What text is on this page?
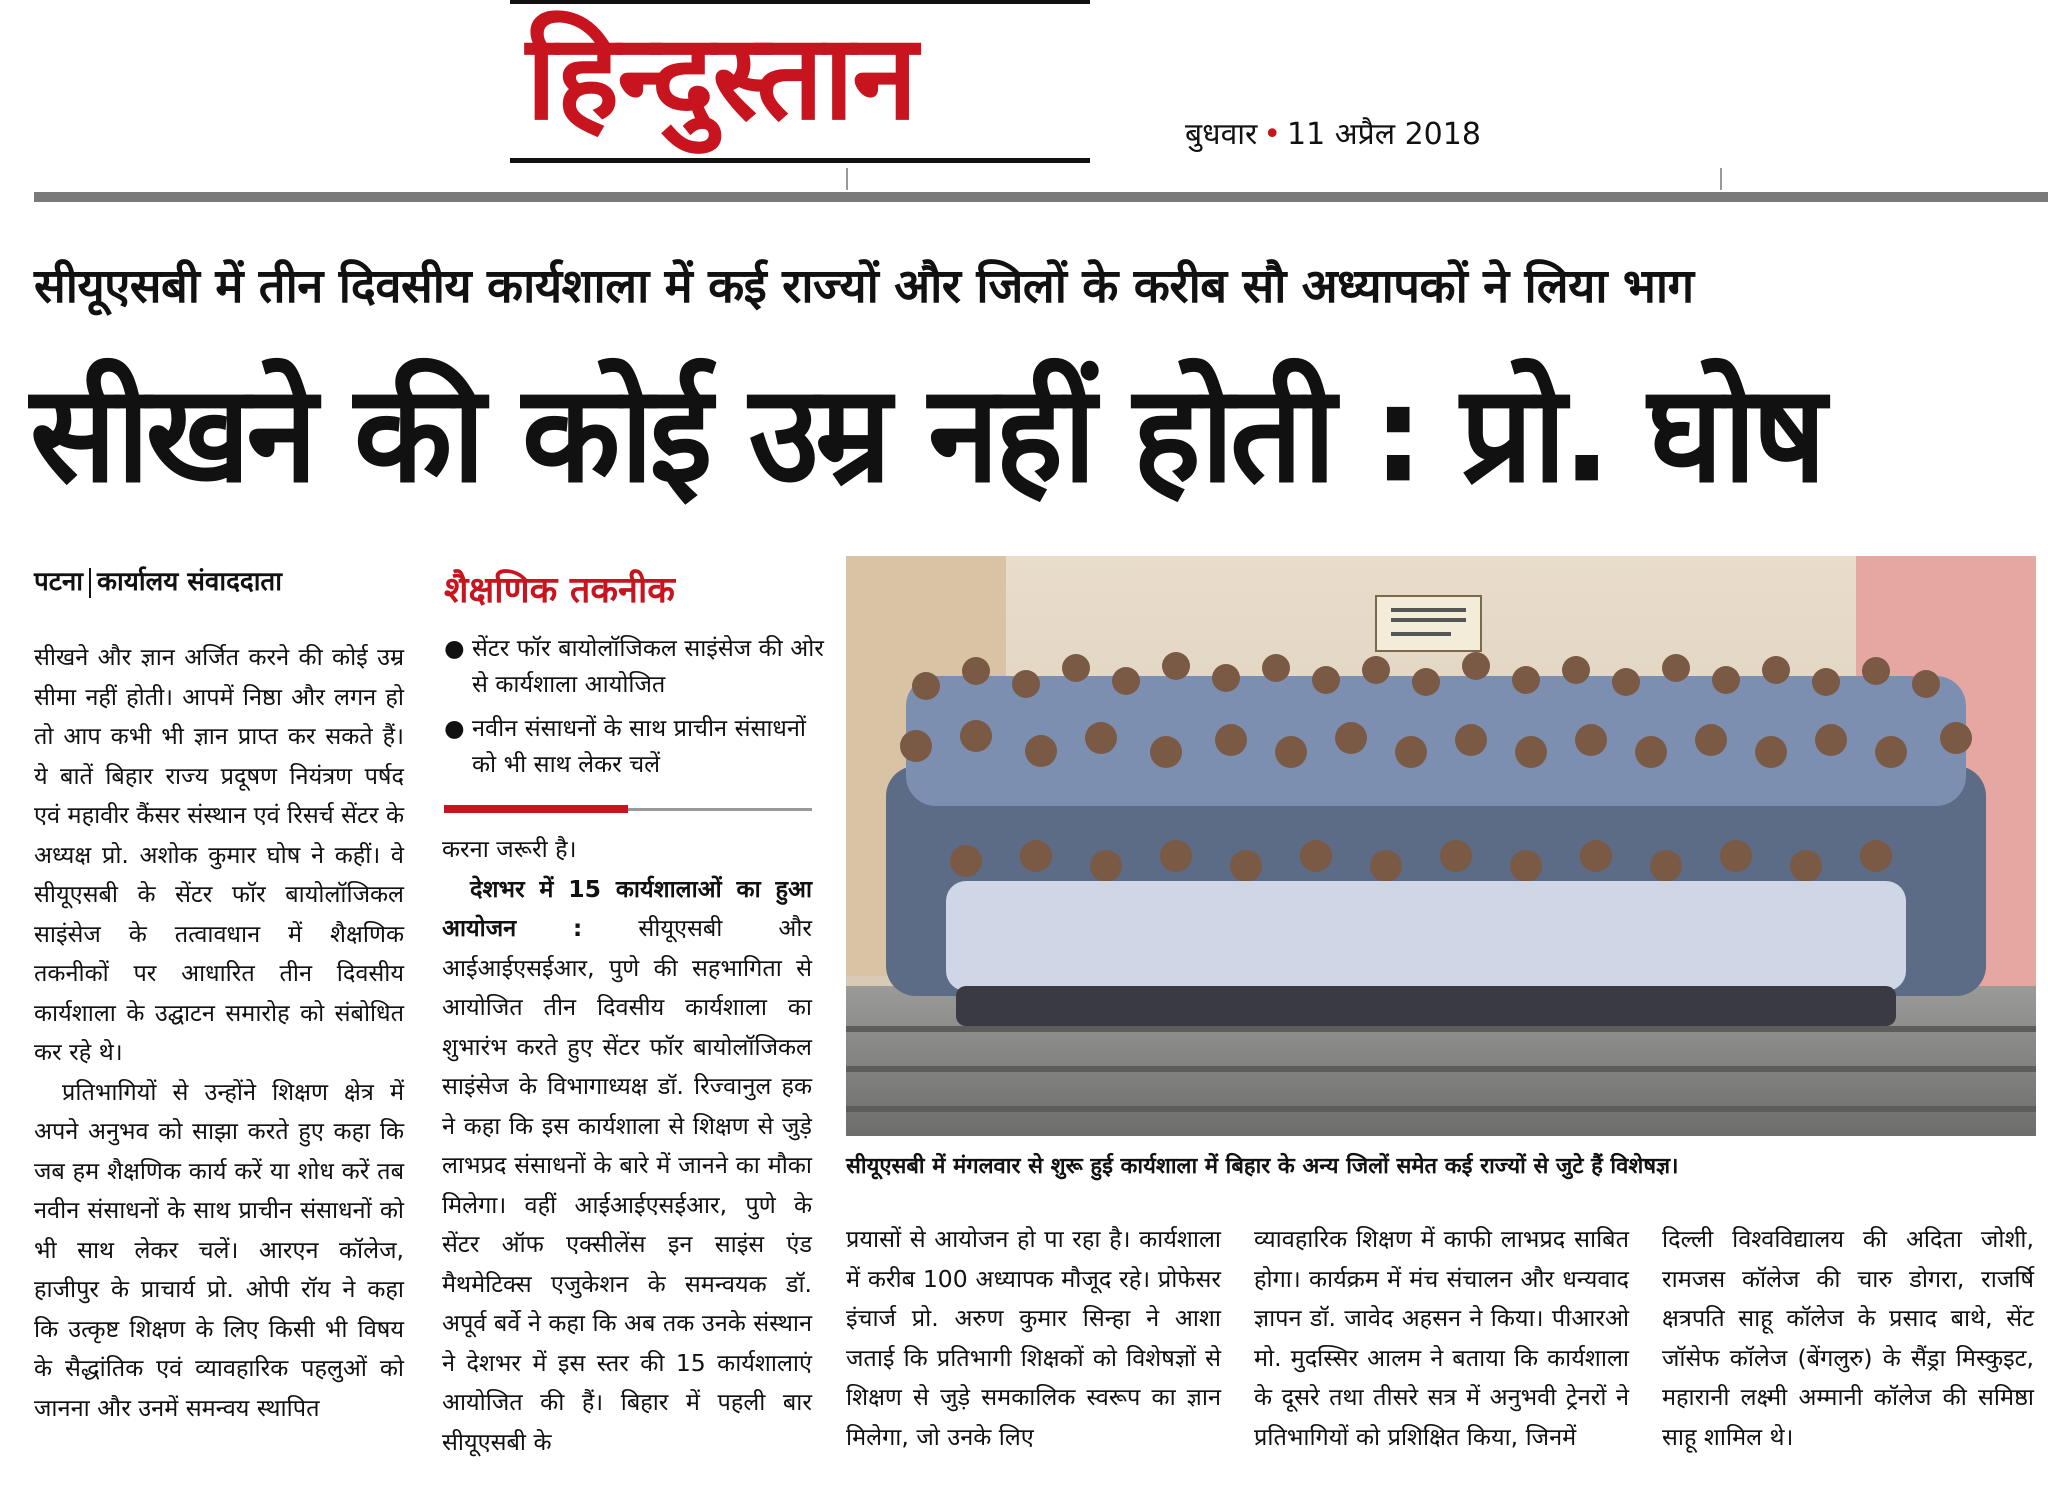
हिन्दुस्तान	बुधवार • 11 अप्रैल 2018
सीयूएसबी में तीन दिवसीय कार्यशाला में कई राज्यों और जिलों के करीब सौ अध्यापकों ने लिया भाग
सीखने की कोई उम्र नहीं होती : प्रो. घोष
पटना कार्यालय संवाददाता

सीखने और ज्ञान अर्जित करने की कोई उम्र सीमा नहीं होती। आपमें निष्ठा और लगन हो तो आप कभी भी ज्ञान प्राप्त कर सकते हैं। ये बातें बिहार राज्य प्रदूषण नियंत्रण पर्षद एवं महावीर कैंसर संस्थान एवं रिसर्च सेंटर के अध्यक्ष प्रो. अशोक कुमार घोष ने कहीं। वे सीयूएसबी के सेंटर फॉर बायोलॉजिकल साइंसेज के तत्वावधान में शैक्षणिक तकनीकों पर आधारित तीन दिवसीय कार्यशाला के उद्घाटन समारोह को संबोधित कर रहे थे।

प्रतिभागियों से उन्होंने शिक्षण क्षेत्र में अपने अनुभव को साझा करते हुए कहा कि जब हम शैक्षणिक कार्य करें या शोध करें तब नवीन संसाधनों के साथ प्राचीन संसाधनों को भी साथ लेकर चलें। आरएन कॉलेज, हाजीपुर के प्राचार्य प्रो. ओपी रॉय ने कहा कि उत्कृष्ट शिक्षण के लिए किसी भी विषय के सैद्धांतिक एवं व्यावहारिक पहलुओं को जानना और उनमें समन्वय स्थापित

शैक्षणिक तकनीक
● सेंटर फॉर बायोलॉजिकल साइंसेज की ओर से कार्यशाला आयोजित
● नवीन संसाधनों के साथ प्राचीन संसाधनों को भी साथ लेकर चलें

करना जरूरी है।

देशभर में 15 कार्यशालाओं का हुआ आयोजन : सीयूएसबी और आईआईएसईआर, पुणे की सहभागिता से आयोजित तीन दिवसीय कार्यशाला का शुभारंभ करते हुए सेंटर फॉर बायोलॉजिकल साइंसेज के विभागाध्यक्ष डॉ. रिज्वानुल हक ने कहा कि इस कार्यशाला से शिक्षण से जुड़े लाभप्रद संसाधनों के बारे में जानने का मौका मिलेगा। वहीं आईआईएसईआर, पुणे के सेंटर ऑफ एक्सीलेंस इन साइंस एंड मैथमेटिक्स एजुकेशन के समन्वयक डॉ. अपूर्व बर्वे ने कहा कि अब तक उनके संस्थान ने देशभर में इस स्तर की 15 कार्यशालाएं आयोजित की हैं। बिहार में पहली बार सीयूएसबी के

सीयूएसबी में मंगलवार से शुरू हुई कार्यशाला में बिहार के अन्य जिलों समेत कई राज्यों से जुटे हैं विशेषज्ञ।

प्रयासों से आयोजन हो पा रहा है। कार्यशाला में करीब 100 अध्यापक मौजूद रहे। प्रोफेसर इंचार्ज प्रो. अरुण कुमार सिन्हा ने आशा जताई कि प्रतिभागी शिक्षकों को विशेषज्ञों से शिक्षण से जुड़े समकालिक स्वरूप का ज्ञान मिलेगा, जो उनके लिए

व्यावहारिक शिक्षण में काफी लाभप्रद साबित होगा। कार्यक्रम में मंच संचालन और धन्यवाद ज्ञापन डॉ. जावेद अहसन ने किया। पीआरओ मो. मुदस्सिर आलम ने बताया कि कार्यशाला के दूसरे तथा तीसरे सत्र में अनुभवी ट्रेनरों ने प्रतिभागियों को प्रशिक्षित किया, जिनमें

दिल्ली विश्वविद्यालय की अदिता जोशी, रामजस कॉलेज की चारु डोगरा, राजर्षि क्षत्रपति साहू कॉलेज के प्रसाद बाथे, सेंट जॉसेफ कॉलेज (बेंगलुरु) के सैंड्रा मिस्कुइट, महारानी लक्ष्मी अम्मानी कॉलेज की समिष्ठा साहू शामिल थे।
